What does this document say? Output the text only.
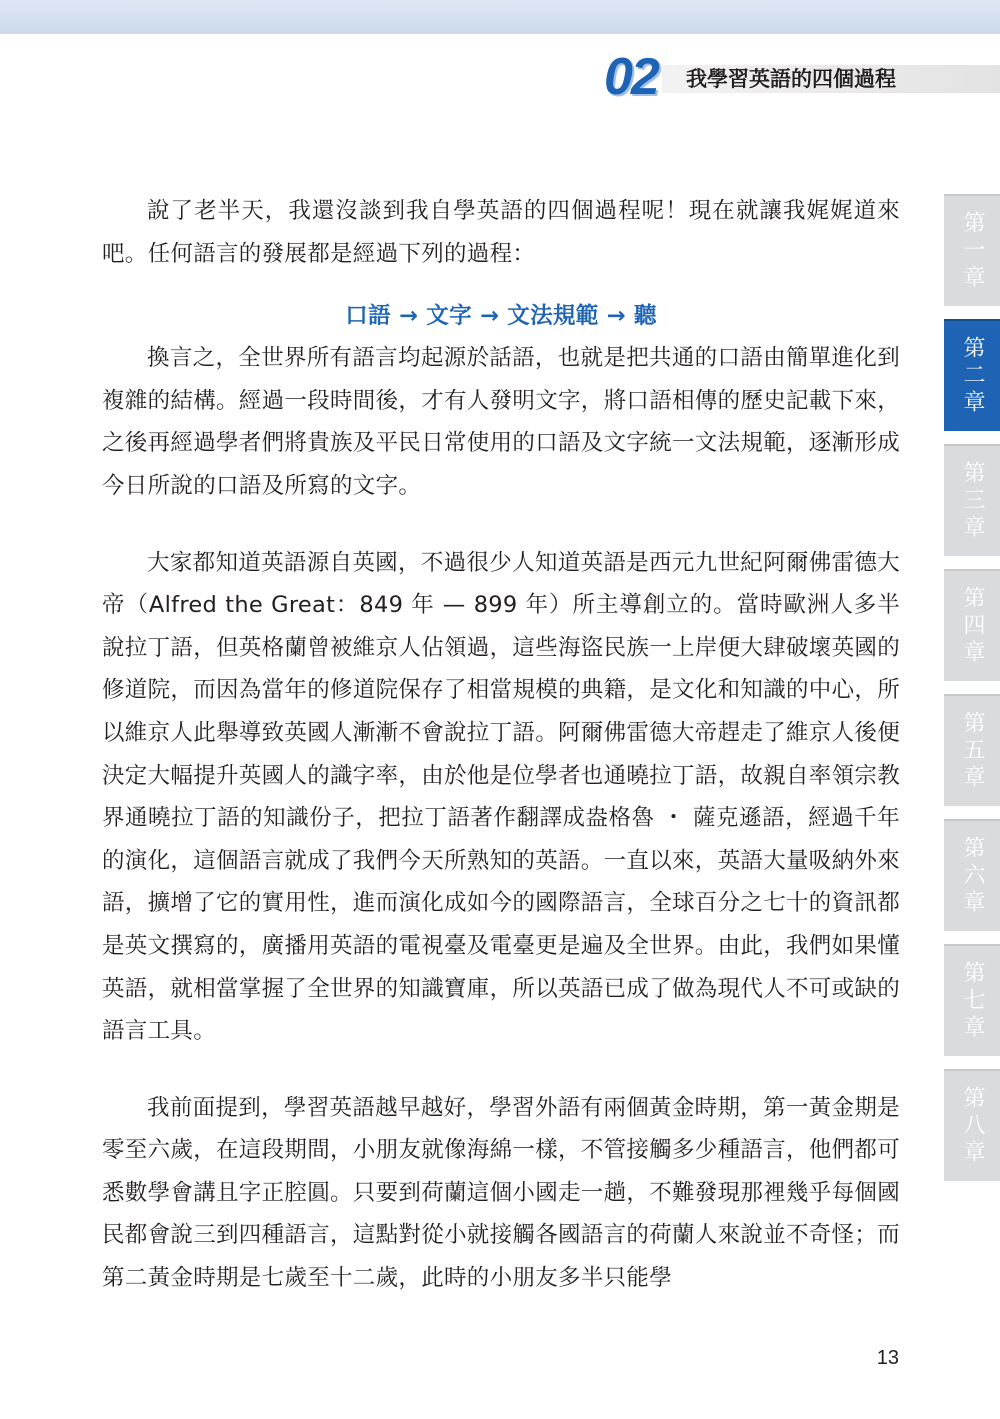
02 我學習英語的四個過程

說了老半天，我還沒談到我自學英語的四個過程呢！現在就讓我娓娓道來吧。任何語言的發展都是經過下列的過程：

口語 → 文字 → 文法規範 → 聽

換言之，全世界所有語言均起源於話語，也就是把共通的口語由簡單進化到複雜的結構。經過一段時間後，才有人發明文字，將口語相傳的歷史記載下來，之後再經過學者們將貴族及平民日常使用的口語及文字統一文法規範，逐漸形成今日所說的口語及所寫的文字。

大家都知道英語源自英國，不過很少人知道英語是西元九世紀阿爾佛雷德大帝（Alfred the Great：849 年 — 899 年）所主導創立的。當時歐洲人多半說拉丁語，但英格蘭曾被維京人佔領過，這些海盜民族一上岸便大肆破壞英國的修道院，而因為當年的修道院保存了相當規模的典籍，是文化和知識的中心，所以維京人此舉導致英國人漸漸不會說拉丁語。阿爾佛雷德大帝趕走了維京人後便決定大幅提升英國人的識字率，由於他是位學者也通曉拉丁語，故親自率領宗教界通曉拉丁語的知識份子，把拉丁語著作翻譯成盎格魯 ・ 薩克遜語，經過千年的演化，這個語言就成了我們今天所熟知的英語。一直以來，英語大量吸納外來語，擴增了它的實用性，進而演化成如今的國際語言，全球百分之七十的資訊都是英文撰寫的，廣播用英語的電視臺及電臺更是遍及全世界。由此，我們如果懂英語，就相當掌握了全世界的知識寶庫，所以英語已成了做為現代人不可或缺的語言工具。

我前面提到，學習英語越早越好，學習外語有兩個黃金時期，第一黃金期是零至六歲，在這段期間，小朋友就像海綿一樣，不管接觸多少種語言，他們都可悉數學會講且字正腔圓。只要到荷蘭這個小國走一趟，不難發現那裡幾乎每個國民都會說三到四種語言，這點對從小就接觸各國語言的荷蘭人來說並不奇怪；而第二黃金時期是七歲至十二歲，此時的小朋友多半只能學

第一章
第二章
第三章
第四章
第五章
第六章
第七章
第八章
13
